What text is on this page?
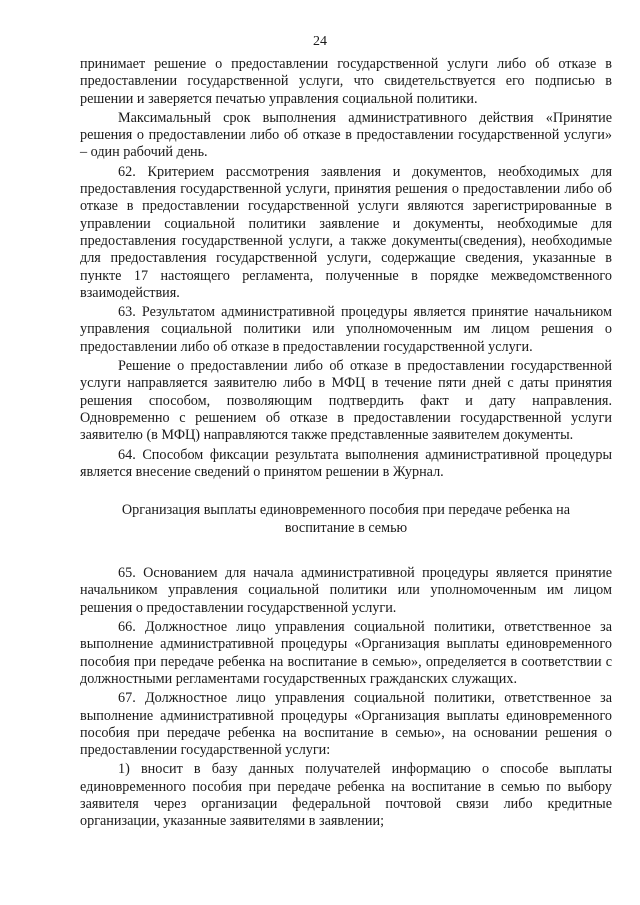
24

принимает решение о предоставлении государственной услуги либо об отказе в предоставлении государственной услуги, что свидетельствуется его подписью в решении и заверяется печатью управления социальной политики.

Максимальный срок выполнения административного действия «Принятие решения о предоставлении либо об отказе в предоставлении государственной услуги» – один рабочий день.

62. Критерием рассмотрения заявления и документов, необходимых для предоставления государственной услуги, принятия решения о предоставлении либо об отказе в предоставлении государственной услуги являются зарегистрированные в управлении социальной политики заявление и документы, необходимые для предоставления государственной услуги, а также документы(сведения), необходимые для предоставления государственной услуги, содержащие сведения, указанные в пункте 17 настоящего регламента, полученные в порядке межведомственного взаимодействия.

63. Результатом административной процедуры является принятие начальником управления социальной политики или уполномоченным им лицом решения о предоставлении либо об отказе в предоставлении государственной услуги.

Решение о предоставлении либо об отказе в предоставлении государственной услуги направляется заявителю либо в МФЦ в течение пяти дней с даты принятия решения способом, позволяющим подтвердить факт и дату направления. Одновременно с решением об отказе в предоставлении государственной услуги заявителю (в МФЦ) направляются также представленные заявителем документы.

64. Способом фиксации результата выполнения административной процедуры является внесение сведений о принятом решении в Журнал.

Организация выплаты единовременного пособия при передаче ребенка на воспитание в семью

65. Основанием для начала административной процедуры является принятие начальником управления социальной политики или уполномоченным им лицом решения о предоставлении государственной услуги.

66. Должностное лицо управления социальной политики, ответственное за выполнение административной процедуры «Организация выплаты единовременного пособия при передаче ребенка на воспитание в семью», определяется в соответствии с должностными регламентами государственных гражданских служащих.

67. Должностное лицо управления социальной политики, ответственное за выполнение административной процедуры «Организация выплаты единовременного пособия при передаче ребенка на воспитание в семью», на основании решения о предоставлении государственной услуги:

1) вносит в базу данных получателей информацию о способе выплаты единовременного пособия при передаче ребенка на воспитание в семью по выбору заявителя через организации федеральной почтовой связи либо кредитные организации, указанные заявителями в заявлении;
